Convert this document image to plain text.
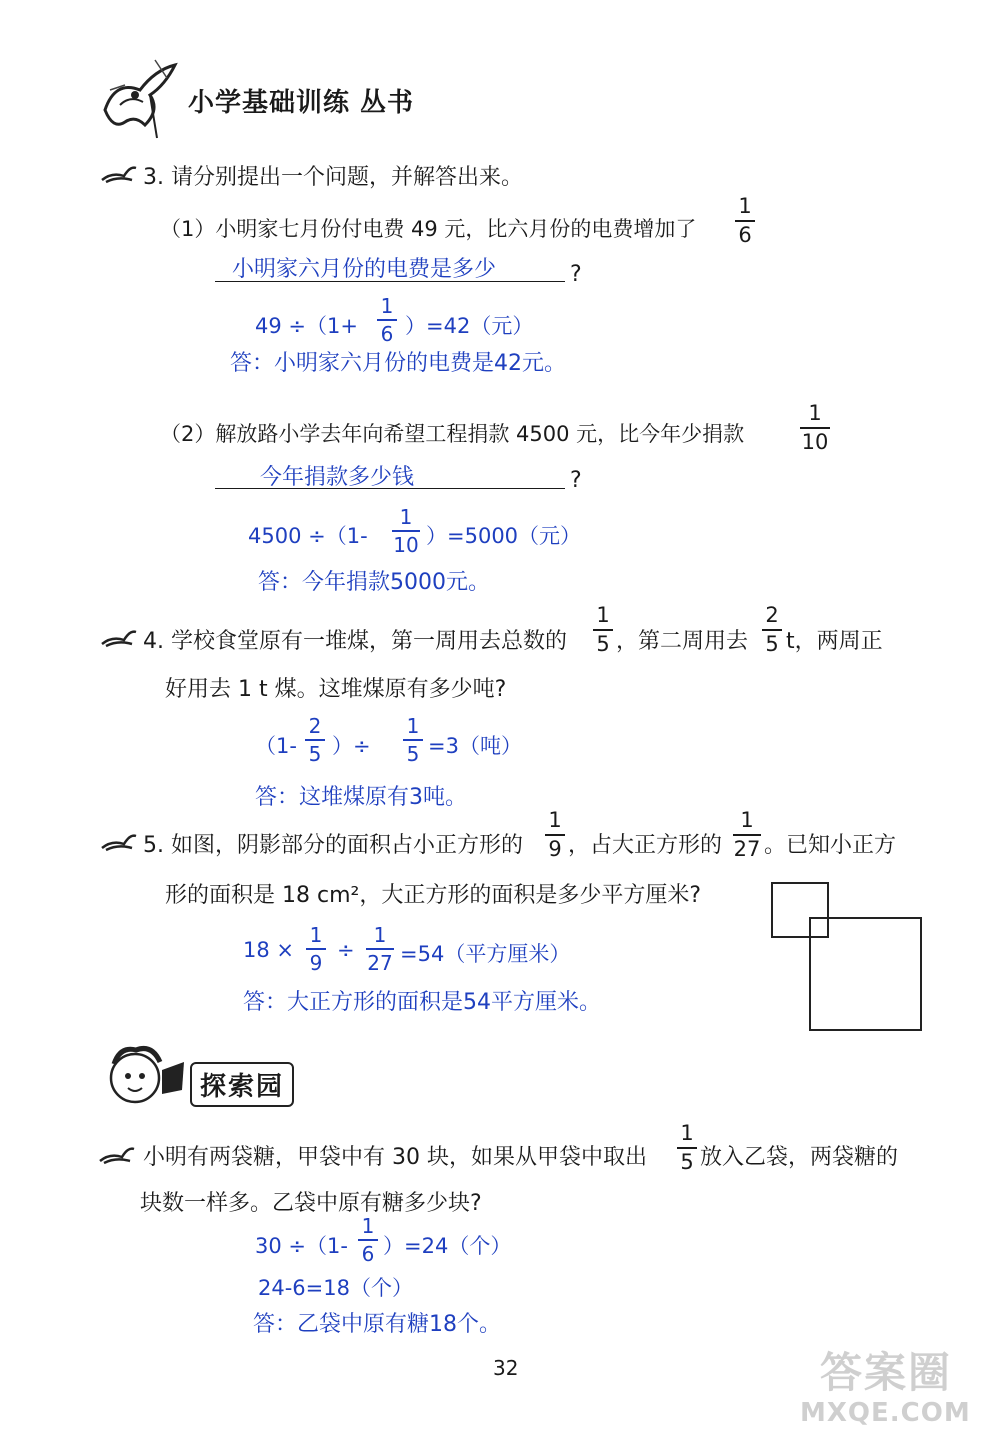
小学基础训练 丛书
3. 请分别提出一个问题，并解答出来。
（1）小明家七月份付电费 49 元，比六月份的电费增加了
1
6
小明家六月份的电费是多少	?
49 ÷（1+
1
6 ）=42（元）
答：小明家六月份的电费是42元。
（2）解放路小学去年向希望工程捐款 4500 元，比今年少捐款
1
10
今年捐款多少钱	?
4500 ÷（1-
1
10 ）=5000（元）
答：今年捐款5000元。
4. 学校食堂原有一堆煤，第一周用去总数的
1
5 ，第二周用去
2
5 t，两周正
好用去 1 t 煤。这堆煤原有多少吨?
（1-
2
5 ）÷
1
5 =3（吨）
答：这堆煤原有3吨。
5. 如图，阴影部分的面积占小正方形的
1
9 ，占大正方形的
1
27 。已知小正方
形的面积是 18 cm²，大正方形的面积是多少平方厘米?
18 ×
1
9
÷
1
27 =54（平方厘米）
答：大正方形的面积是54平方厘米。
探索园
小明有两袋糖，甲袋中有 30 块，如果从甲袋中取出
1
5 放入乙袋，两袋糖的
块数一样多。乙袋中原有糖多少块?
30 ÷（1-
1
6 ）=24（个）
24-6=18（个）
答：乙袋中原有糖18个。
32	答案圈
MXQE.COM
